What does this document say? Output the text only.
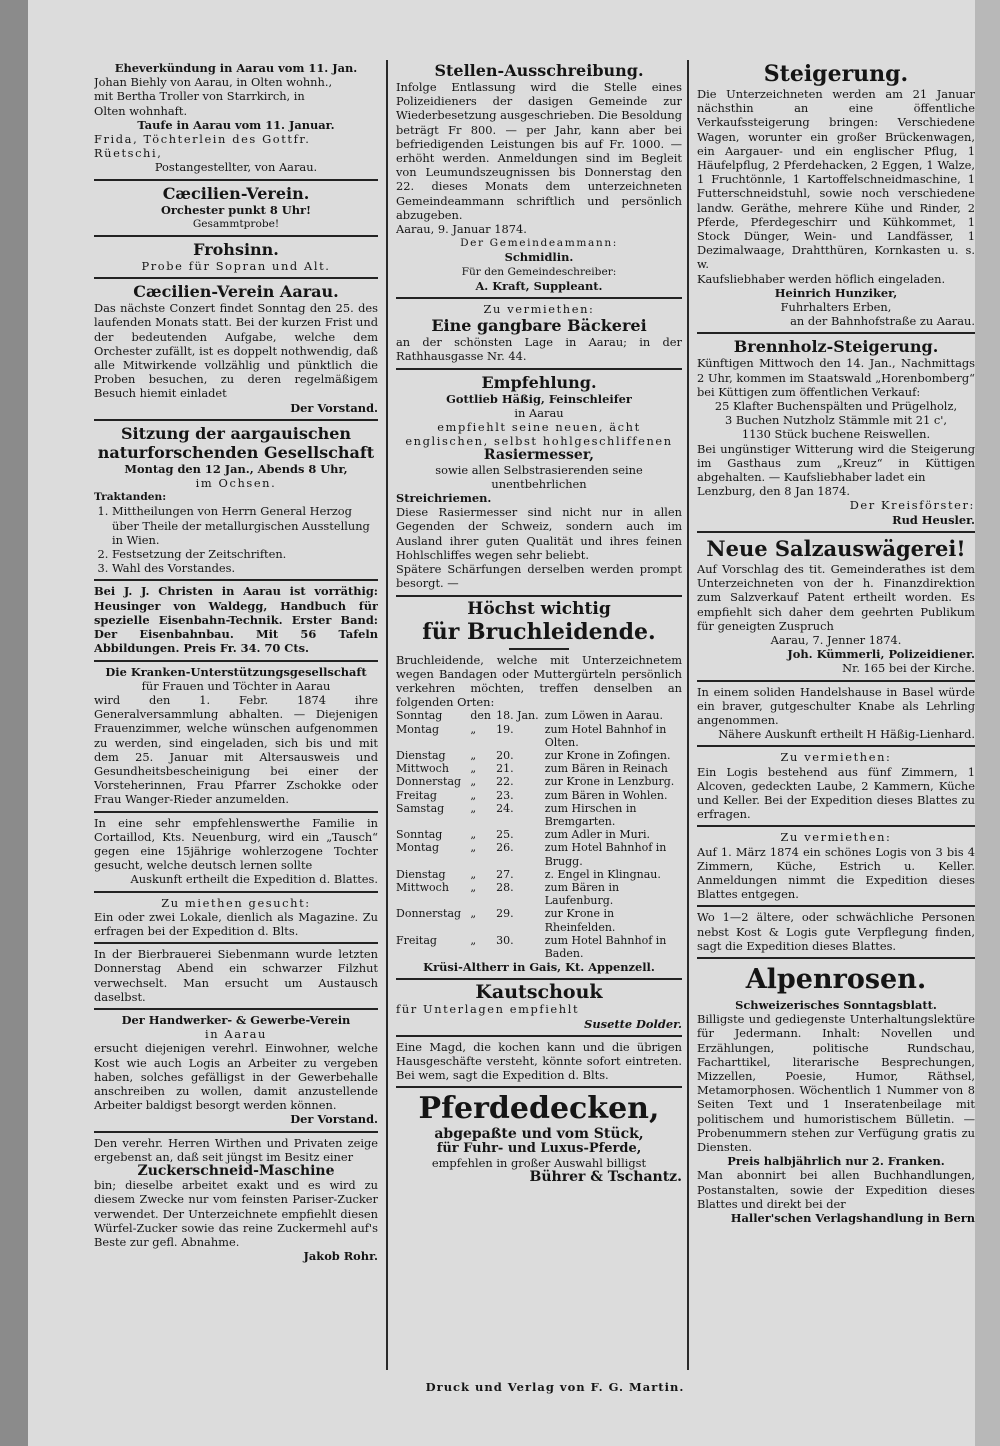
Eheverkündung in Aarau vom 11. Jan.
Johan Biehly von Aarau, in Olten wohnh.,
mit Bertha Troller von Starrkirch, in
Olten wohnhaft.
Taufe in Aarau vom 11. Januar.
Frida, Töchterlein des Gottfr. Rüetschi,
Postangestellter, von Aarau.
Cæcilien-Verein.
Orchester punkt 8 Uhr!
Gesammtprobe!
Frohsinn.
Probe für Sopran und Alt.
Cæcilien-Verein Aarau.
Das nächste Conzert findet Sonntag den 25. des laufenden Monats statt. Bei der kurzen Frist und der bedeutenden Aufgabe, welche dem Orchester zufällt, ist es doppelt nothwendig, daß alle Mitwirkende vollzählig und pünktlich die Proben besuchen, zu deren regelmäßigem Besuch hiemit einladet
Der Vorstand.
Sitzung der aargauischen naturforschenden Gesellschaft
Montag den 12 Jan., Abends 8 Uhr,
im Ochsen.
Traktanden:
1. Mittheilungen von Herrn General Herzog über Theile der metallurgischen Ausstellung in Wien.
2. Festsetzung der Zeitschriften.
3. Wahl des Vorstandes.
Bei J. J. Christen in Aarau ist vorräthig: Heusinger von Waldegg, Handbuch für spezielle Eisenbahn-Technik. Erster Band: Der Eisenbahnbau. Mit 56 Tafeln Abbildungen. Preis Fr. 34. 70 Cts.
Die Kranken-Unterstützungsgesellschaft
für Frauen und Töchter in Aarau
wird den 1. Febr. 1874 ihre Generalversammlung abhalten. — Diejenigen Frauenzimmer, welche wünschen aufgenommen zu werden, sind eingeladen, sich bis und mit dem 25. Januar mit Altersausweis und Gesundheitsbescheinigung bei einer der Vorsteherinnen, Frau Pfarrer Zschokke oder Frau Wanger-Rieder anzumelden.
In eine sehr empfehlenswerthe Familie in Cortaillod, Kts. Neuenburg, wird ein „Tausch“ gegen eine 15jährige wohlerzogene Tochter gesucht, welche deutsch lernen sollte
Auskunft ertheilt die Expedition d. Blattes.
Zu miethen gesucht:
Ein oder zwei Lokale, dienlich als Magazine. Zu erfragen bei der Expedition d. Blts.
In der Bierbrauerei Siebenmann wurde letzten Donnerstag Abend ein schwarzer Filzhut verwechselt. Man ersucht um Austausch daselbst.
Der Handwerker- & Gewerbe-Verein
in Aarau
ersucht diejenigen verehrl. Einwohner, welche Kost wie auch Logis an Arbeiter zu vergeben haben, solches gefälligst in der Gewerbehalle anschreiben zu wollen, damit anzustellende Arbeiter baldigst besorgt werden können.
Der Vorstand.
Den verehr. Herren Wirthen und Privaten zeige ergebenst an, daß seit jüngst im Besitz einer
Zuckerschneid-Maschine
bin; dieselbe arbeitet exakt und es wird zu diesem Zwecke nur vom feinsten Pariser-Zucker verwendet. Der Unterzeichnete empfiehlt diesen Würfel-Zucker sowie das reine Zuckermehl auf's Beste zur gefl. Abnahme.
Jakob Rohr.
Stellen-Ausschreibung.
Infolge Entlassung wird die Stelle eines Polizeidieners der dasigen Gemeinde zur Wiederbesetzung ausgeschrieben. Die Besoldung beträgt Fr 800. — per Jahr, kann aber bei befriedigenden Leistungen bis auf Fr. 1000. — erhöht werden. Anmeldungen sind im Begleit von Leumundszeugnissen bis Donnerstag den 22. dieses Monats dem unterzeichneten Gemeindeammann schriftlich und persönlich abzugeben.
Aarau, 9. Januar 1874.
Der Gemeindeammann:
Schmidlin.
Für den Gemeindeschreiber:
A. Kraft, Suppleant.
Zu vermiethen:
Eine gangbare Bäckerei
an der schönsten Lage in Aarau; in der Rathhausgasse Nr. 44.
Empfehlung.
Gottlieb Häßig, Feinschleifer
in Aarau
empfiehlt seine neuen, ächt englischen, selbst hohlgeschliffenen
Rasiermesser,
sowie allen Selbstrasierenden seine unentbehrlichen
Streichriemen.
Diese Rasiermesser sind nicht nur in allen Gegenden der Schweiz, sondern auch im Ausland ihrer guten Qualität und ihres feinen Hohlschliffes wegen sehr beliebt.
Spätere Schärfungen derselben werden prompt besorgt. —
Höchst wichtig
für Bruchleidende.
Bruchleidende, welche mit Unterzeichnetem wegen Bandagen oder Muttergürteln persönlich verkehren möchten, treffen denselben an folgenden Orten:
Sonntag	den	18. Jan.	zum Löwen in Aarau.
Montag	„	19.	zum Hotel Bahnhof in Olten.
Dienstag	„	20.	zur Krone in Zofingen.
Mittwoch	„	21.	zum Bären in Reinach
Donnerstag	„	22.	zur Krone in Lenzburg.
Freitag	„	23.	zum Bären in Wohlen.
Samstag	„	24.	zum Hirschen in Bremgarten.
Sonntag	„	25.	zum Adler in Muri.
Montag	„	26.	zum Hotel Bahnhof in Brugg.
Dienstag	„	27.	z. Engel in Klingnau.
Mittwoch	„	28.	zum Bären in Laufenburg.
Donnerstag	„	29.	zur Krone in Rheinfelden.
Freitag	„	30.	zum Hotel Bahnhof in Baden.
Krüsi-Altherr in Gais, Kt. Appenzell.
Kautschouk
für Unterlagen empfiehlt
Susette Dolder.
Eine Magd, die kochen kann und die übrigen Hausgeschäfte versteht, könnte sofort eintreten. Bei wem, sagt die Expedition d. Blts.
Pferdedecken,
abgepaßte und vom Stück,
für Fuhr- und Luxus-Pferde,
empfehlen in großer Auswahl billigst
Bührer & Tschantz.
Steigerung.
Die Unterzeichneten werden am 21 Januar nächsthin an eine öffentliche Verkaufssteigerung bringen: Verschiedene Wagen, worunter ein großer Brückenwagen, ein Aargauer- und ein englischer Pflug, 1 Häufelpflug, 2 Pferdehacken, 2 Eggen, 1 Walze, 1 Fruchtönnle, 1 Kartoffelschneidmaschine, 1 Futterschneidstuhl, sowie noch verschiedene landw. Geräthe, mehrere Kühe und Rinder, 2 Pferde, Pferdegeschirr und Kühkommet, 1 Stock Dünger, Wein- und Landfässer, 1 Dezimalwaage, Drahtthüren, Kornkasten u. s. w.
Kaufsliebhaber werden höflich eingeladen.
Heinrich Hunziker,
Fuhrhalters Erben,
an der Bahnhofstraße zu Aarau.
Brennholz-Steigerung.
Künftigen Mittwoch den 14. Jan., Nachmittags 2 Uhr, kommen im Staatswald „Horenbomberg“ bei Küttigen zum öffentlichen Verkauf:
25 Klafter Buchenspälten und Prügelholz,
3 Buchen Nutzholz Stämmle mit 21 c',
1130 Stück buchene Reiswellen.
Bei ungünstiger Witterung wird die Steigerung im Gasthaus zum „Kreuz“ in Küttigen abgehalten. — Kaufsliebhaber ladet ein
Lenzburg, den 8 Jan 1874.
Der Kreisförster:
Rud Heusler.
Neue Salzauswägerei!
Auf Vorschlag des tit. Gemeinderathes ist dem Unterzeichneten von der h. Finanzdirektion zum Salzverkauf Patent ertheilt worden. Es empfiehlt sich daher dem geehrten Publikum für geneigten Zuspruch
Aarau, 7. Jenner 1874.
Joh. Kümmerli, Polizeidiener.
Nr. 165 bei der Kirche.
In einem soliden Handelshause in Basel würde ein braver, gutgeschulter Knabe als Lehrling angenommen.
Nähere Auskunft ertheilt H Häßig-Lienhard.
Zu vermiethen:
Ein Logis bestehend aus fünf Zimmern, 1 Alcoven, gedeckten Laube, 2 Kammern, Küche und Keller. Bei der Expedition dieses Blattes zu erfragen.
Zu vermiethen:
Auf 1. März 1874 ein schönes Logis von 3 bis 4 Zimmern, Küche, Estrich u. Keller. Anmeldungen nimmt die Expedition dieses Blattes entgegen.
Wo 1—2 ältere, oder schwächliche Personen nebst Kost & Logis gute Verpflegung finden, sagt die Expedition dieses Blattes.
Alpenrosen.
Schweizerisches Sonntagsblatt.
Billigste und gediegenste Unterhaltungslektüre für Jedermann. Inhalt: Novellen und Erzählungen, politische Rundschau, Facharttikel, literarische Besprechungen, Mizzellen, Poesie, Humor, Räthsel, Metamorphosen. Wöchentlich 1 Nummer von 8 Seiten Text und 1 Inseratenbeilage mit politischem und humoristischem Bülletin. — Probenummern stehen zur Verfügung gratis zu Diensten.
Preis halbjährlich nur 2. Franken.
Man abonnirt bei allen Buchhandlungen, Postanstalten, sowie der Expedition dieses Blattes und direkt bei der
Haller'schen Verlagshandlung in Bern
Druck und Verlag von F. G. Martin.
